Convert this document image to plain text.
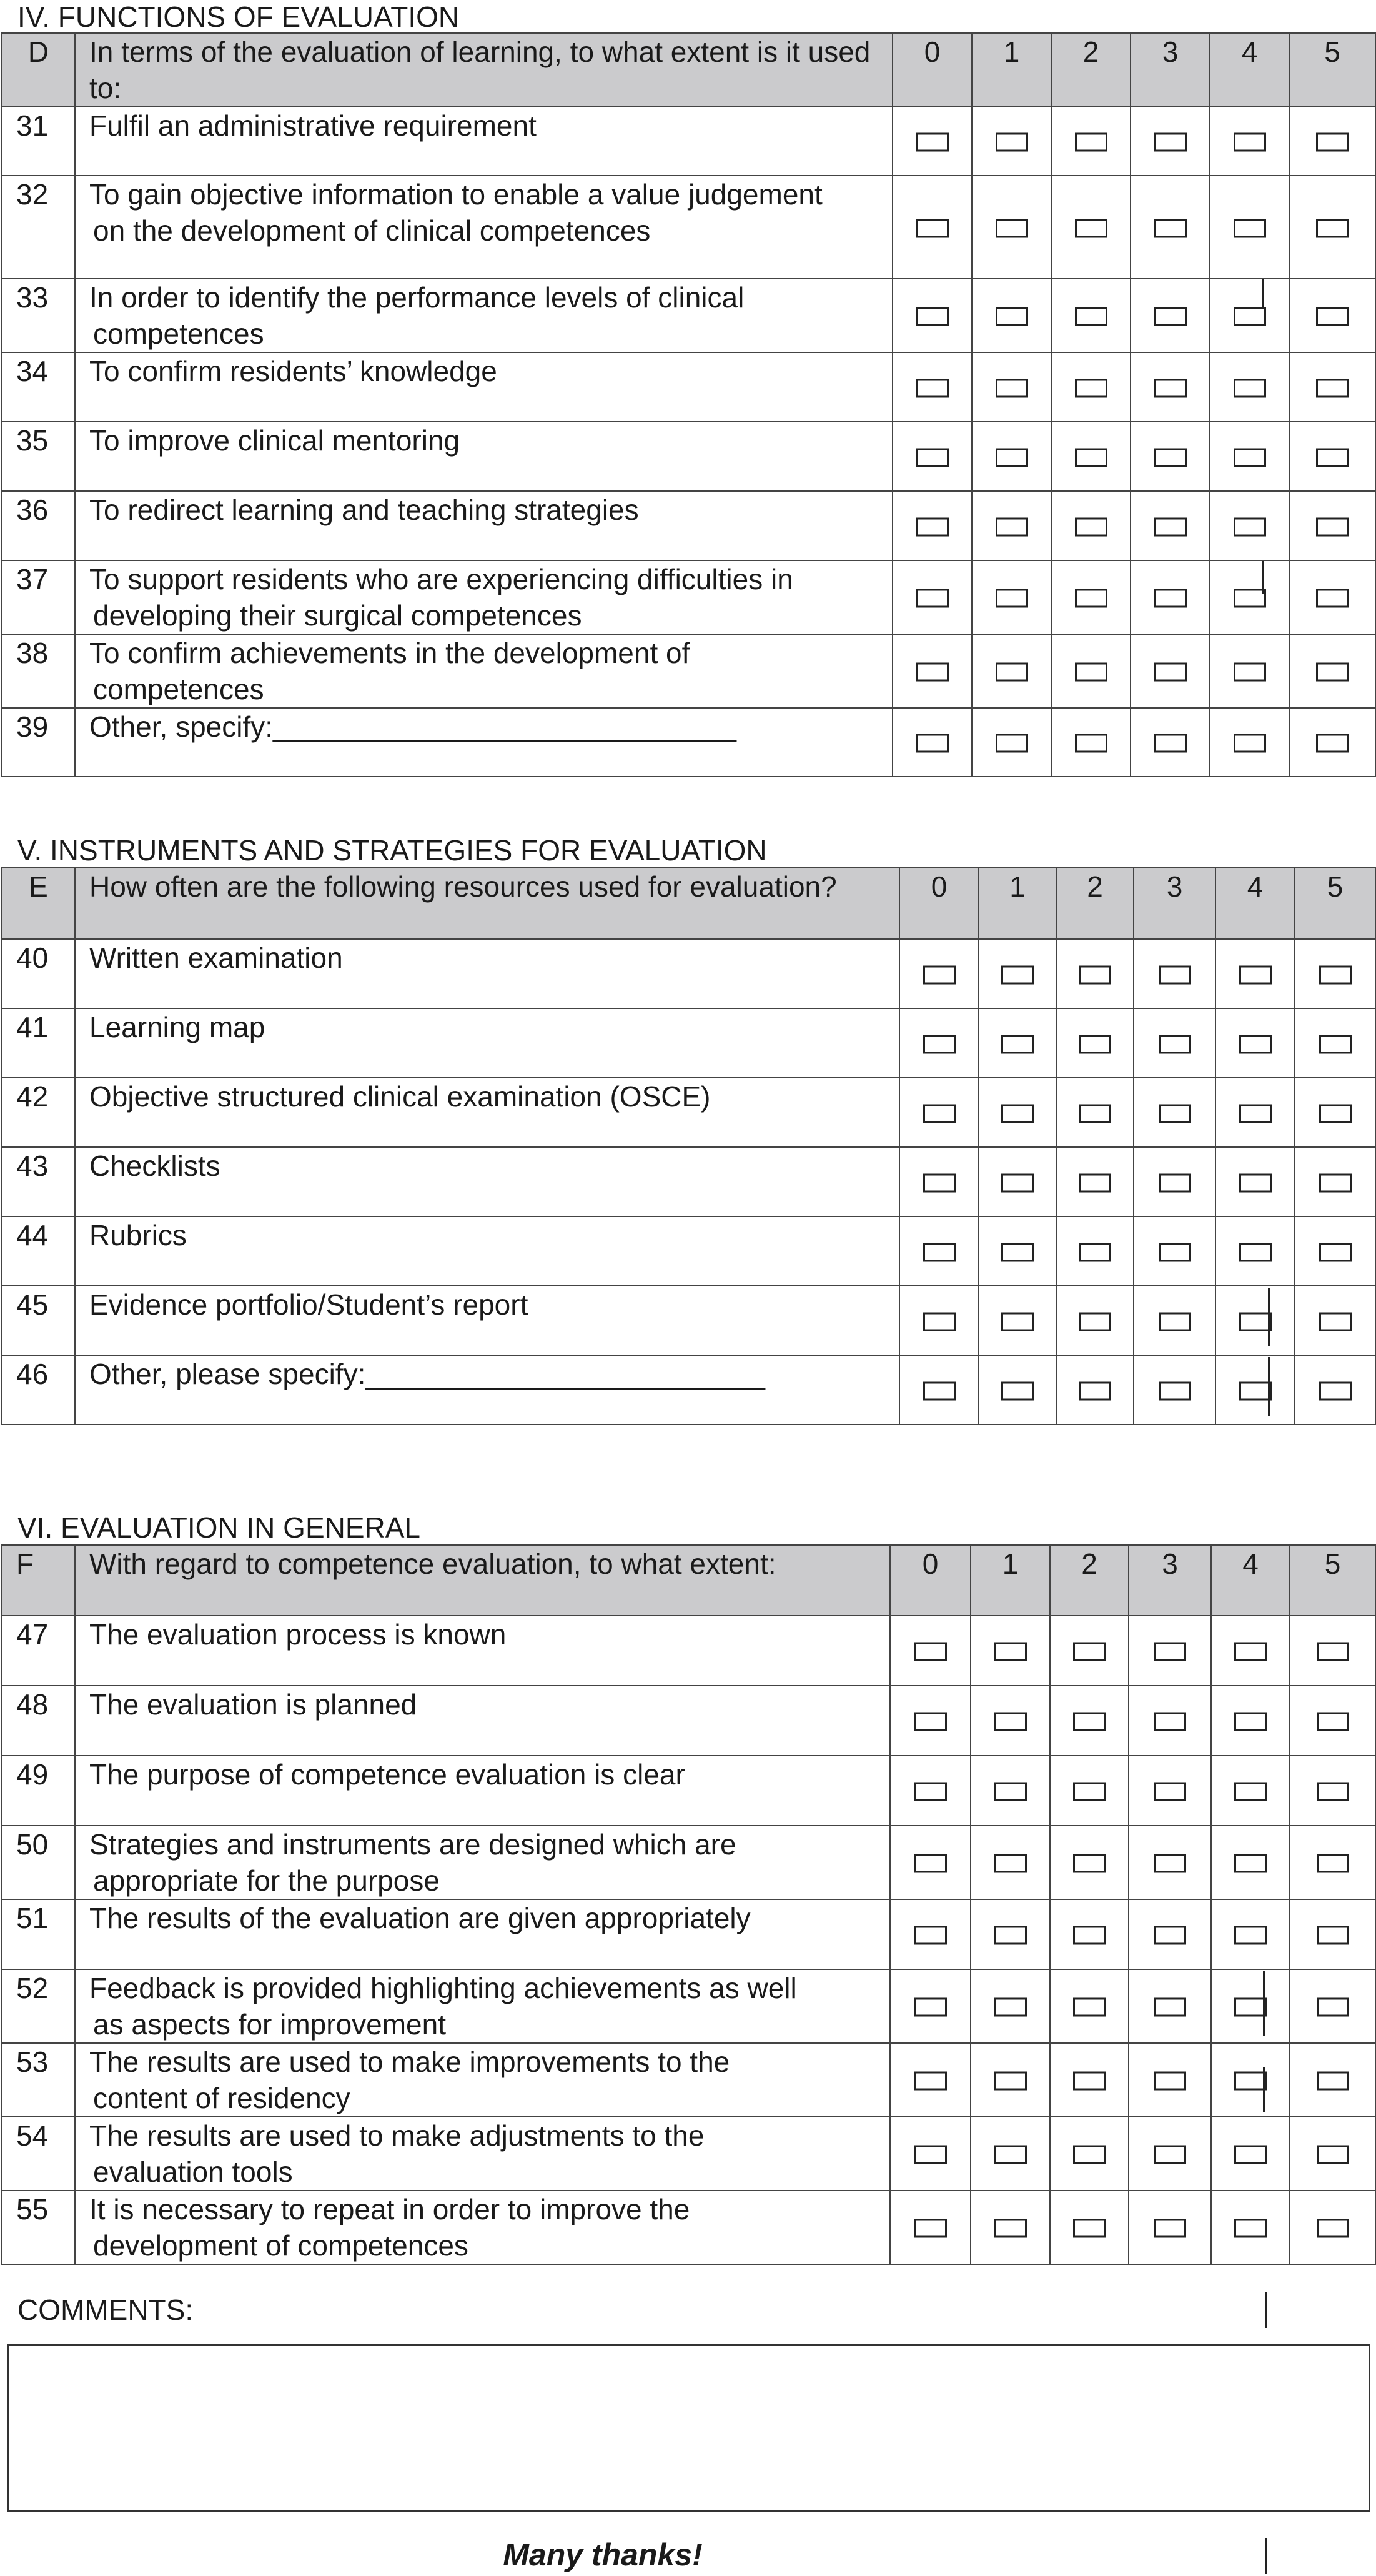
IV. FUNCTIONS OF EVALUATION
D	In terms of the evaluation of learning, to what extent is it used to:	0	1	2	3	4	5
31	Fulfil an administrative requirement	

32	To gain objective information to enable a value judgement
on the development of clinical competences						

33	In order to identify the performance levels of clinical
competences						

34	To confirm residents’ knowledge	

35	To improve clinical mentoring	

36	To redirect learning and teaching strategies	

37	To support residents who are experiencing difficulties in
developing their surgical competences						

38	To confirm achievements in the development of
competences						

39	Other, specify:_____________________________	

V. INSTRUMENTS AND STRATEGIES FOR EVALUATION
E	How often are the following resources used for evaluation?	0	1	2	3	4	5
40	Written examination	

41	Learning map	

42	Objective structured clinical examination (OSCE)	

43	Checklists	

44	Rubrics	

45	Evidence portfolio/Student’s report	

46	Other, please specify:_________________________	

VI. EVALUATION IN GENERAL
F	With regard to competence evaluation, to what extent:	0	1	2	3	4	5
47	The evaluation process is known	

48	The evaluation is planned	

49	The purpose of competence evaluation is clear	

50	Strategies and instruments are designed which are
appropriate for the purpose						

51	The results of the evaluation are given appropriately	

52	Feedback is provided highlighting achievements as well
as aspects for improvement						

53	The results are used to make improvements to the
content of residency						

54	The results are used to make adjustments to the
evaluation tools						

55	It is necessary to repeat in order to improve the
development of competences						

COMMENTS:
Many thanks!
